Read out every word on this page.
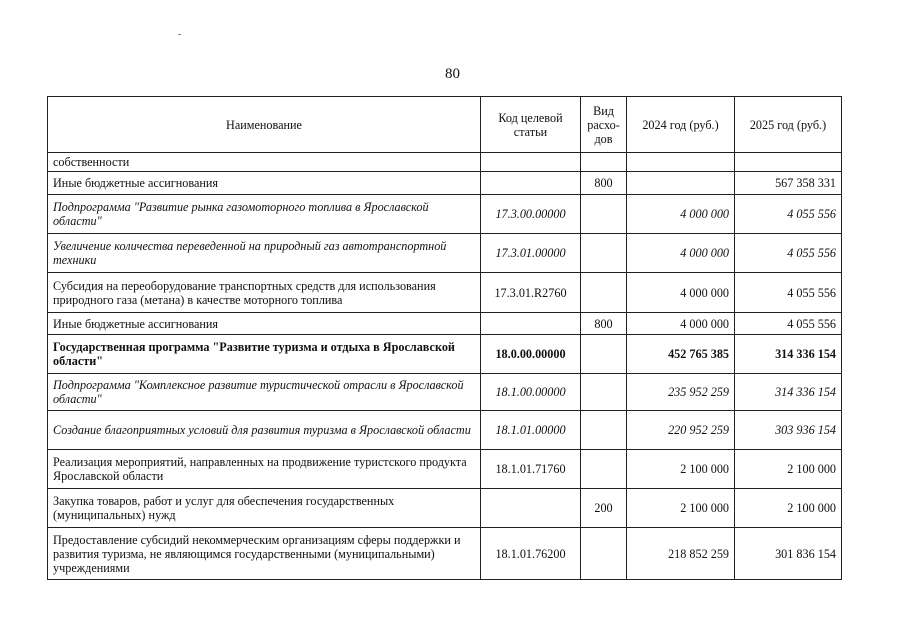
80
Наименование	Код целевой статьи	Вид расхо-дов	2024 год (руб.)	2025 год (руб.)
собственности				
Иные бюджетные ассигнования		800		567 358 331
Подпрограмма "Развитие рынка газомоторного топлива в Ярославской области"	17.3.00.00000		4 000 000	4 055 556
Увеличение количества переведенной на природный газ автотранспортной техники	17.3.01.00000		4 000 000	4 055 556
Субсидия на переоборудование транспортных средств для использования природного газа (метана) в качестве моторного топлива	17.3.01.R2760		4 000 000	4 055 556
Иные бюджетные ассигнования		800	4 000 000	4 055 556
Государственная программа "Развитие туризма и отдыха в Ярославской области"	18.0.00.00000		452 765 385	314 336 154
Подпрограмма "Комплексное развитие туристической отрасли в Ярославской области"	18.1.00.00000		235 952 259	314 336 154
Создание благоприятных условий для развития туризма в Ярославской области	18.1.01.00000		220 952 259	303 936 154
Реализация мероприятий, направленных на продвижение туристского продукта Ярославской области	18.1.01.71760		2 100 000	2 100 000
Закупка товаров, работ и услуг для обеспечения государственных (муниципальных) нужд		200	2 100 000	2 100 000
Предоставление субсидий некоммерческим организациям сферы поддержки и развития туризма, не являющимся государственными (муниципальными) учреждениями	18.1.01.76200		218 852 259	301 836 154
